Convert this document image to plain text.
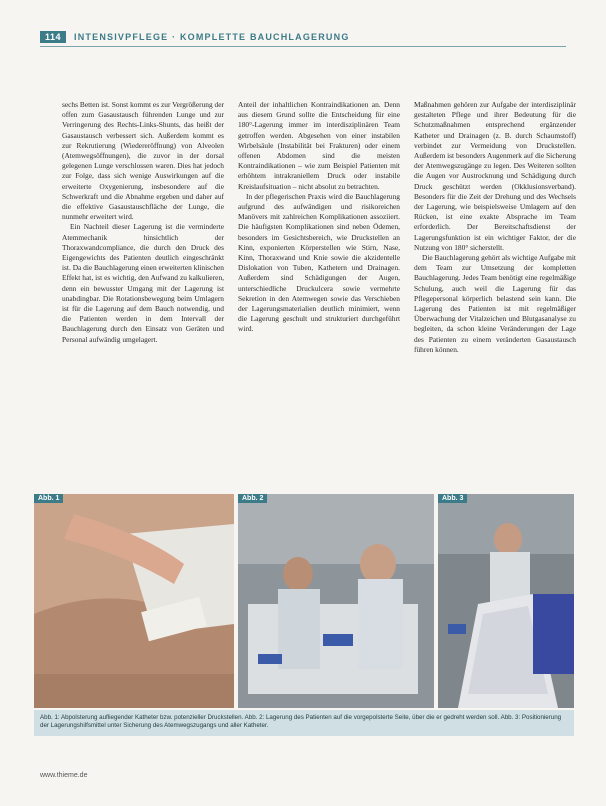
114	INTENSIVPFLEGE · KOMPLETTE BAUCHLAGERUNG

sechs Betten ist. Sonst kommt es zur Vergrößerung der offen zum Gasaustausch führenden Lunge und zur Verringerung des Rechts-Links-Shunts, das heißt der Gasaustausch verbessert sich. Außerdem kommt es zur Rekrutierung (Wiedereröffnung) von Alveolen (Atemwegsöffnungen), die zuvor in der dorsal gelegenen Lunge verschlossen waren. Dies hat jedoch zur Folge, dass sich wenige Auswirkungen auf die erweiterte Oxygenierung, insbesondere auf die Schwerkraft und die Abnahme ergeben und daher auf die effektive Gasaustauschfläche der Lunge, die nunmehr erweitert wird.

Ein Nachteil dieser Lagerung ist die verminderte Atemmechanik hinsichtlich der Thoraxwandcompliance, die durch den Druck des Eigengewichts des Patienten deutlich eingeschränkt ist. Da die Bauchlagerung einen erweiterten klinischen Effekt hat, ist es wichtig, den Aufwand zu kalkulieren, denn ein bewusster Umgang mit der Lagerung ist unabdingbar. Die Rotationsbewegung beim Umlagern ist für die Lagerung auf dem Bauch notwendig, und die Patienten werden in dem Intervall der Bauchlagerung durch den Einsatz von Geräten und Personal aufwändig umgelagert.

Anteil der inhaltlichen Kontraindikationen an. Denn aus diesem Grund sollte die Entscheidung für eine 180°-Lagerung immer im interdisziplinären Team getroffen werden. Abgesehen von einer instabilen Wirbelsäule (Instabilität bei Frakturen) oder einem offenen Abdomen sind die meisten Kontraindikationen – wie zum Beispiel Patienten mit erhöhtem intrakraniellem Druck oder instabile Kreislaufsituation – nicht absolut zu betrachten.

In der pflegerischen Praxis wird die Bauchlagerung aufgrund des aufwändigen und risikoreichen Manövers mit zahlreichen Komplikationen assoziiert. Die häufigsten Komplikationen sind neben Ödemen, besonders im Gesichtsbereich, wie Druckstellen an Kinn, exponierten Körperstellen wie Stirn, Nase, Kinn, Thoraxwand und Knie sowie die akzidentelle Dislokation von Tuben, Kathetern und Drainagen. Außerdem sind Schädigungen der Augen, unterschiedliche Druckulcera sowie vermehrte Sekretion in den Atemwegen sowie das Verschieben der Lagerungsmaterialien deutlich minimiert, wenn die Lagerung geschult und strukturiert durchgeführt wird.

Maßnahmen gehören zur Aufgabe der interdisziplinär gestalteten Pflege und ihrer Bedeutung für die Schutzmaßnahmen entsprechend ergänzender Katheter und Drainagen (z. B. durch Schaumstoff) verbindet zur Vermeidung von Druckstellen. Außerdem ist besonders Augenmerk auf die Sicherung der Atemwegszugänge zu legen. Des Weiteren sollten die Augen vor Austrocknung und Schädigung durch Druck geschützt werden (Okklusionsverband). Besonders für die Zeit der Drehung und des Wechsels der Lagerung, wie beispielsweise Umlagern auf den Rücken, ist eine exakte Absprache im Team erforderlich. Der Bereitschaftsdienst der Lagerungsfunktion ist ein wichtiger Faktor, der die Nutzung von 180° sicherstellt.

Die Bauchlagerung gehört als wichtige Aufgabe mit dem Team zur Umsetzung der kompletten Bauchlagerung. Jedes Team benötigt eine regelmäßige Schulung, auch weil die Lagerung für das Pflegepersonal körperlich belastend sein kann. Die Lagerung des Patienten ist mit regelmäßiger Überwachung der Vitalzeichen und Blutgasanalyse zu begleiten, da schon kleine Veränderungen der Lage des Patienten zu einem veränderten Gasaustausch führen können.

Abb. 1	Abb. 2	Abb. 3
Abb. 1: Abpolsterung aufliegender Katheter bzw. potenzieller Druckstellen. Abb. 2: Lagerung des Patienten auf die vorgepolsterte Seite, über die er gedreht werden soll. Abb. 3: Positionierung der Lagerungshilfsmittel unter Sicherung des Atemwegszugangs und aller Katheter.
www.thieme.de
